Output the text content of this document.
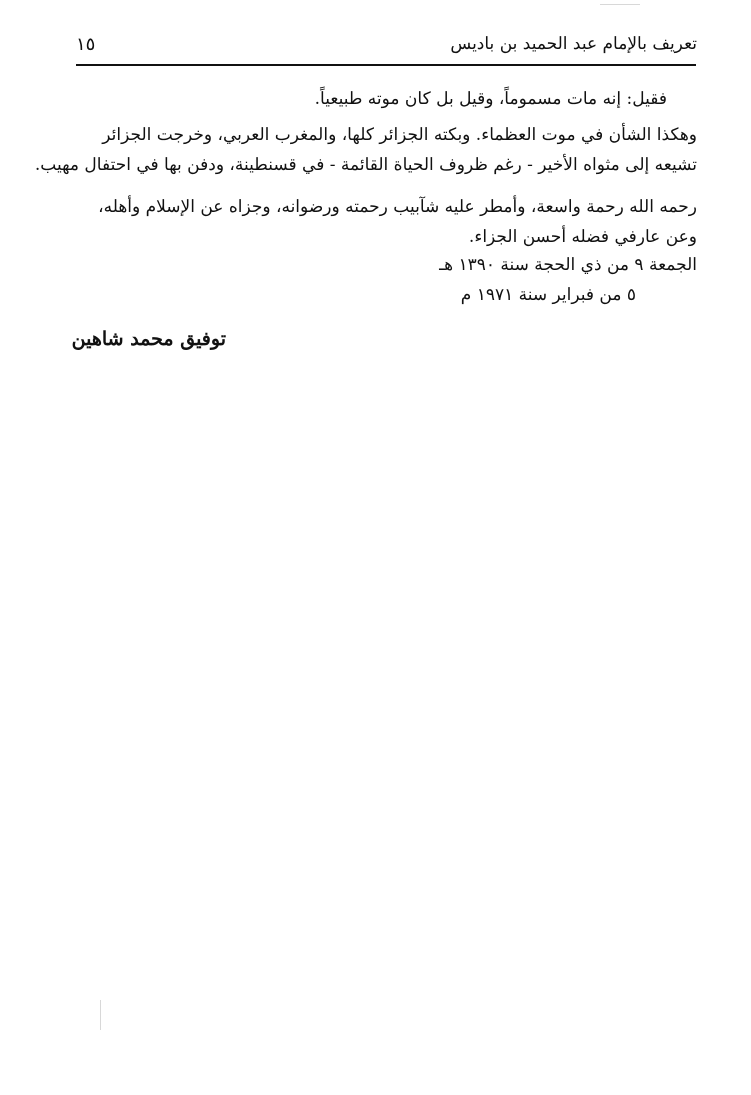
تعريف بالإمام عبد الحميد بن باديس
١٥
فقيل: إنه مات مسموماً، وقيل بل كان موته طبيعياً.
وهكذا الشأن في موت العظماء. وبكته الجزائر كلها، والمغرب العربي، وخرجت الجزائر
تشيعه إلى مثواه الأخير - رغم ظروف الحياة القائمة - في قسنطينة، ودفن بها في احتفال مهيب.
رحمه الله رحمة واسعة، وأمطر عليه شآبيب رحمته ورضوانه، وجزاه عن الإسلام وأهله،
وعن عارفي فضله أحسن الجزاء.
الجمعة ٩ من ذي الحجة سنة ١٣٩٠ هـ
٥ من فبراير سنة ١٩٧١ م
توفيق محمد شاهين
